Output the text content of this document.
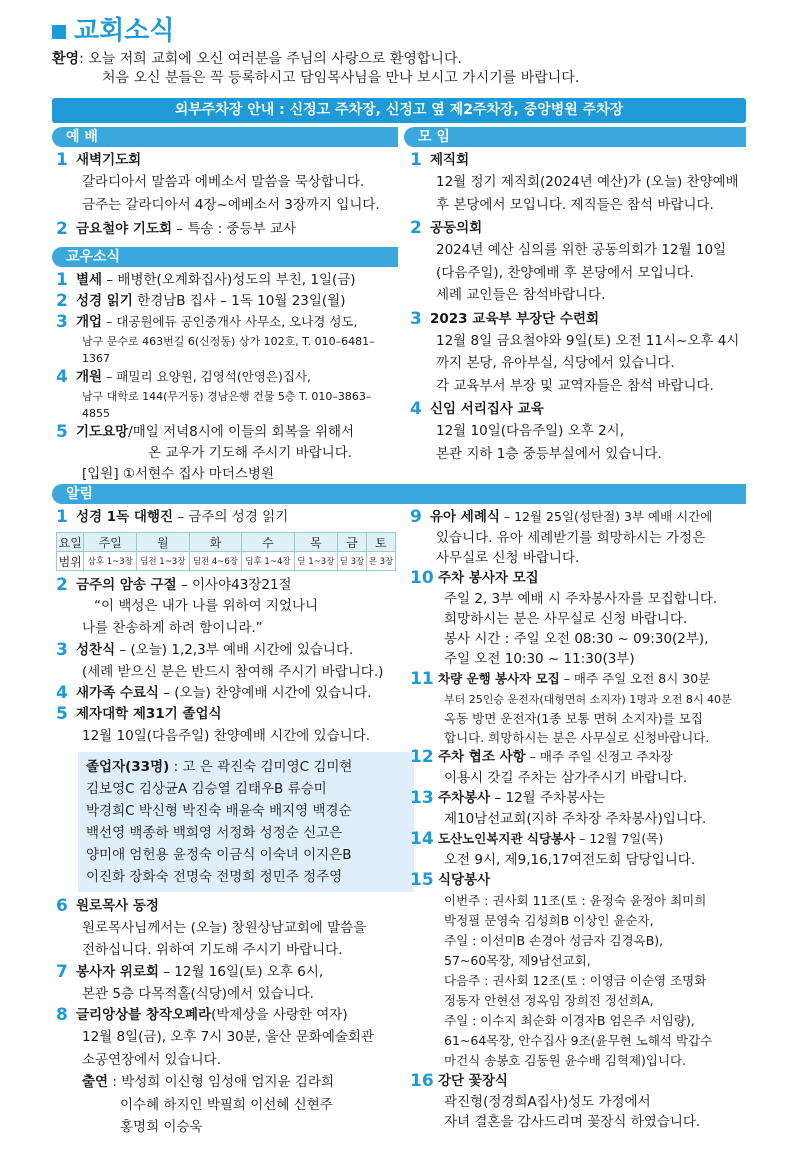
교회소식
환영: 오늘 저희 교회에 오신 여러분을 주님의 사랑으로 환영합니다.
처음 오신 분들은 꼭 등록하시고 담임목사님을 만나 보시고 가시기를 바랍니다.
외부주차장 안내 : 신정고 주차장, 신정고 옆 제2주차장, 중앙병원 주차장
예 배
1 새벽기도회
갈라디아서 말씀과 에베소서 말씀을 묵상합니다.
금주는 갈라디아서 4장~에베소서 3장까지 입니다.
2 금요철야 기도회 – 특송 : 중등부 교사
교우소식
1 별세 – 배병한(오계화집사)성도의 부친, 1일(금)
2 성경 읽기 한경남B 집사 – 1독 10월 23일(월)
3 개업 – 대공원에듀 공인중개사 사무소, 오나경 성도,
남구 문수로 463번길 6(신정동) 상가 102호, T. 010–6481–1367
4 개원 – 패밀리 요양원, 김영석(안영은)집사,
남구 대학로 144(무거동) 경남은행 건물 5층 T. 010–3863–4855
5 기도요망/매일 저녁8시에 이들의 회복을 위해서
온 교우가 기도해 주시기 바랍니다.
[입원] ①서현수 집사 마더스병원
모 임
1 제직회
12월 정기 제직회(2024년 예산)가 (오늘) 찬양예배
후 본당에서 모입니다. 제직들은 참석 바랍니다.
2 공동의회
2024년 예산 심의를 위한 공동의회가 12월 10일
(다음주일), 찬양예배 후 본당에서 모입니다.
세례 교인들은 참석바랍니다.
3 2023 교육부 부장단 수련회
12월 8일 금요철야와 9일(토) 오전 11시~오후 4시
까지 본당, 유아부실, 식당에서 있습니다.
각 교육부서 부장 및 교역자들은 참석 바랍니다.
4 신임 서리집사 교육
12월 10일(다음주일) 오후 2시,
본관 지하 1층 중등부실에서 있습니다.
알림
1 성경 1독 대행진 – 금주의 성경 읽기
요일	주일	월	화	수	목	금	토
범위	삼후 1~3장	딤전 1~3장	딤전 4~6장	딤후 1~4장	딛 1~3장	딛 3장	몬 3장
2 금주의 암송 구절 – 이사야43장21절
“이 백성은 내가 나를 위하여 지었나니
나를 찬송하게 하려 함이니라.”
3 성찬식 – (오늘) 1,2,3부 예배 시간에 있습니다.
(세례 받으신 분은 반드시 참여해 주시기 바랍니다.)
4 새가족 수료식 – (오늘) 찬양예배 시간에 있습니다.
5 제자대학 제31기 졸업식
12월 10일(다음주일) 찬양예배 시간에 있습니다.
졸업자(33명) : 고 은 곽진숙 김미영C 김미현
김보영C 김상균A 김승열 김태우B 류승미
박경희C 박신형 박진숙 배윤숙 배지영 백경순
백선영 백종하 백희영 서정화 성정순 신고은
양미애 엄헌용 윤정숙 이금식 이숙녀 이지은B
이진화 장화숙 전명숙 전명희 정민주 정주영
6 원로목사 동정
원로목사님께서는 (오늘) 창원상남교회에 말씀을
전하십니다. 위하여 기도해 주시기 바랍니다.
7 봉사자 위로회 – 12월 16일(토) 오후 6시,
본관 5층 다목적홀(식당)에서 있습니다.
8 글리앙상블 창작오페라(박제상을 사랑한 여자)
12월 8일(금), 오후 7시 30분, 울산 문화예술회관
소공연장에서 있습니다.
출연 : 박성희 이신형 임성애 엄지윤 김라희
이수혜 하지인 박필희 이선혜 신현주
홍명희 이승욱
9 유아 세례식 – 12월 25일(성탄절) 3부 예배 시간에
있습니다. 유아 세례받기를 희망하시는 가정은
사무실로 신청 바랍니다.
10 주차 봉사자 모집
주일 2, 3부 예배 시 주차봉사자를 모집합니다.
희망하시는 분은 사무실로 신청 바랍니다.
봉사 시간 : 주일 오전 08:30 ~ 09:30(2부),
주일 오전 10:30 ~ 11:30(3부)
11 차량 운행 봉사자 모집 – 매주 주일 오전 8시 30분
부터 25인승 운전자(대형면허 소지자) 1명과 오전 8시 40분
옥동 방면 운전자(1종 보통 면허 소지자)를 모집
합니다. 희망하시는 분은 사무실로 신청바랍니다.
12 주차 협조 사항 – 매주 주일 신정고 주차장
이용시 갓길 주차는 삼가주시기 바랍니다.
13 주차봉사 – 12월 주차봉사는
제10남선교회(지하 주차장 주차봉사)입니다.
14 도산노인복지관 식당봉사 – 12월 7일(목)
오전 9시, 제9,16,17여전도회 담당입니다.
15 식당봉사
이번주 : 권사회 11조(토 : 윤정숙 윤정아 최미희
박정필 문영숙 김성희B 이상인 윤순자,
주일 : 이선미B 손경아 성금자 김경옥B),
57~60목장, 제9남선교회,
다음주 : 권사회 12조(토 : 이영금 이순영 조명화
정동자 안현선 정옥임 장희진 정선희A,
주일 : 이수지 최순화 이경자B 엄은주 서임량),
61~64목장, 안수집사 9조(윤무현 노해석 박갑수
마건식 송봉호 김동원 윤수배 김혁제)입니다.
16 강단 꽃장식
곽진형(정경희A집사)성도 가정에서
자녀 결혼을 감사드리며 꽃장식 하였습니다.
